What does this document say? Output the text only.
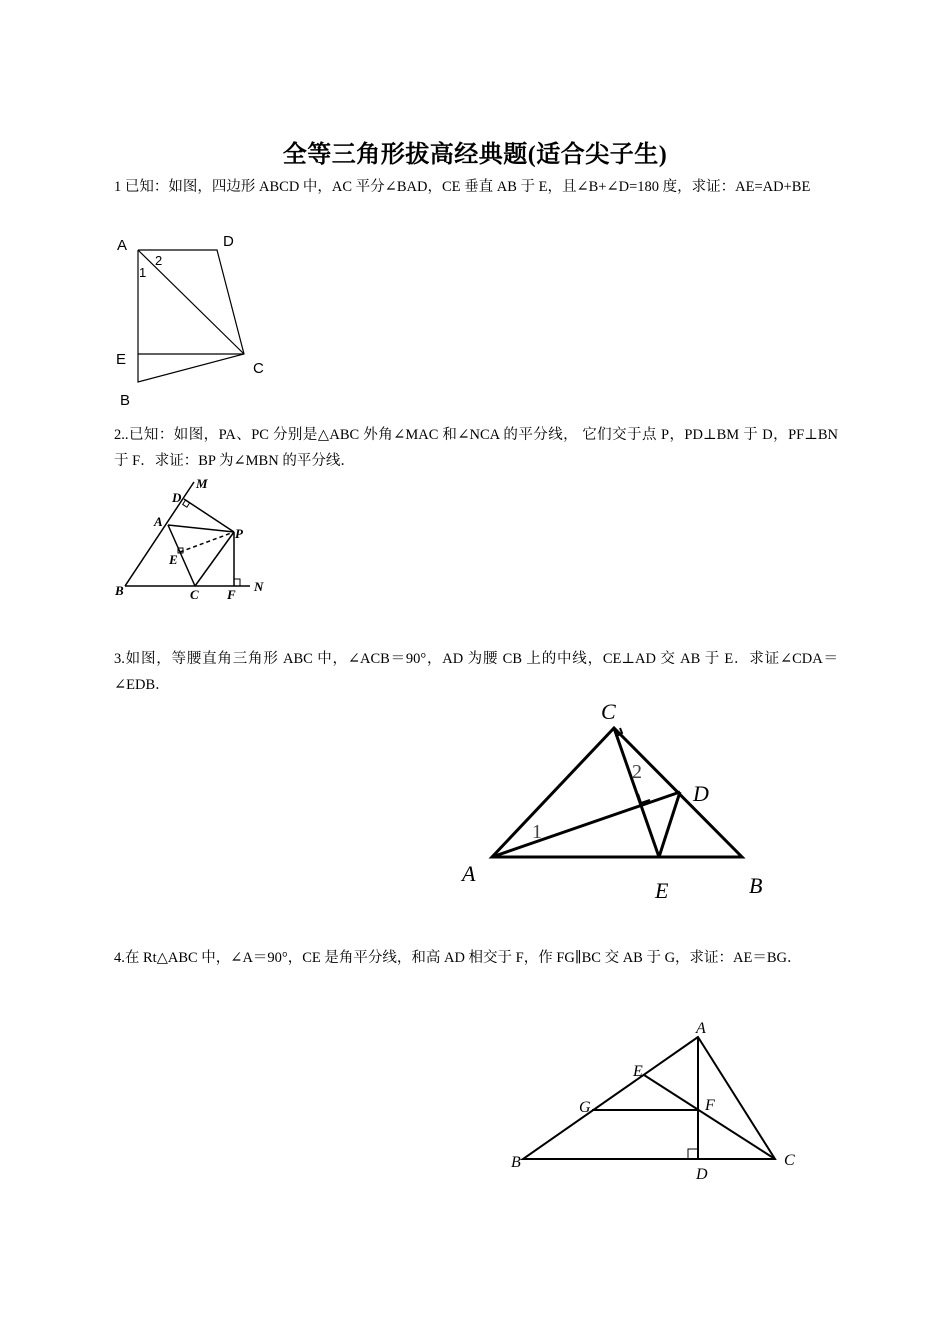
全等三角形拔高经典题(适合尖子生)
1 已知：如图，四边形 ABCD 中，AC 平分∠BAD，CE 垂直 AB 于 E，且∠B+∠D=180 度，求证：AE=AD+BE
A	D
E
C
B
1
2
2..已知：如图，PA、PC 分别是△ABC 外角∠MAC 和∠NCA 的平分线， 它们交于点 P，PD⊥BM 于 D，PF⊥BN 于 F．求证：BP 为∠MBN 的平分线．
M
D
A
P
E
B	C F
N
3.如图，等腰直角三角形 ABC 中，∠ACB＝90°，AD 为腰 CB 上的中线，CE⊥AD 交 AB 于 E．求证∠CDA＝∠EDB．
C
D
A
E	B
1
2
4.在 Rt△ABC 中，∠A＝90°，CE 是角平分线，和高 AD 相交于 F，作 FG∥BC 交 AB 于 G，求证：AE＝BG．
A
E
G	F
B
D
C
